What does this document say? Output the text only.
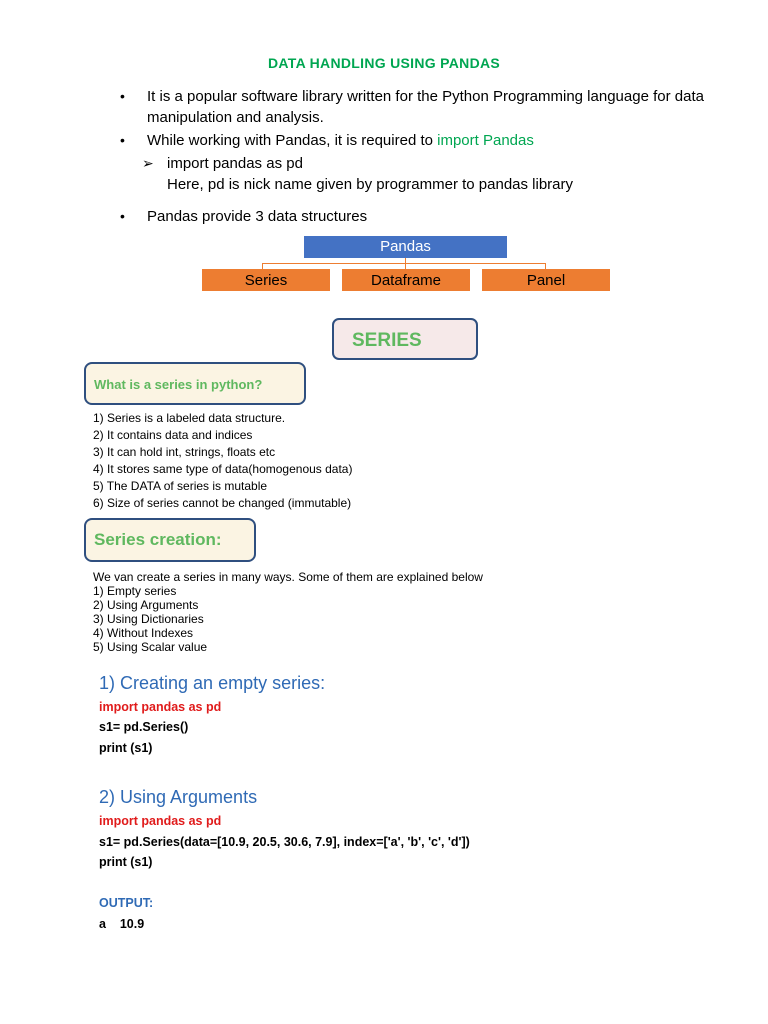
DATA HANDLING USING PANDAS
•	It is a popular software library written for the Python Programming language for data manipulation and analysis.
•	While working with Pandas, it is required to import Pandas
➢ import pandas as pd
Here, pd is nick name given by programmer to pandas library
•	Pandas provide 3 data structures
Pandas
Series	Dataframe	Panel
SERIES
What is a series in python?
1) Series is a labeled data structure.
2) It contains data and indices
3) It can hold int, strings, floats etc
4) It stores same type of data(homogenous data)
5) The DATA of series is mutable
6) Size of series cannot be changed (immutable)
Series creation:
We van create a series in many ways. Some of them are explained below
1) Empty series
2) Using Arguments
3) Using Dictionaries
4) Without Indexes
5) Using Scalar value
1) Creating an empty series:
import pandas as pd
s1= pd.Series()
print (s1)
2) Using Arguments
import pandas as pd
s1= pd.Series(data=[10.9, 20.5, 30.6, 7.9], index=['a', 'b', 'c', 'd'])
print (s1)
OUTPUT:
a    10.9
